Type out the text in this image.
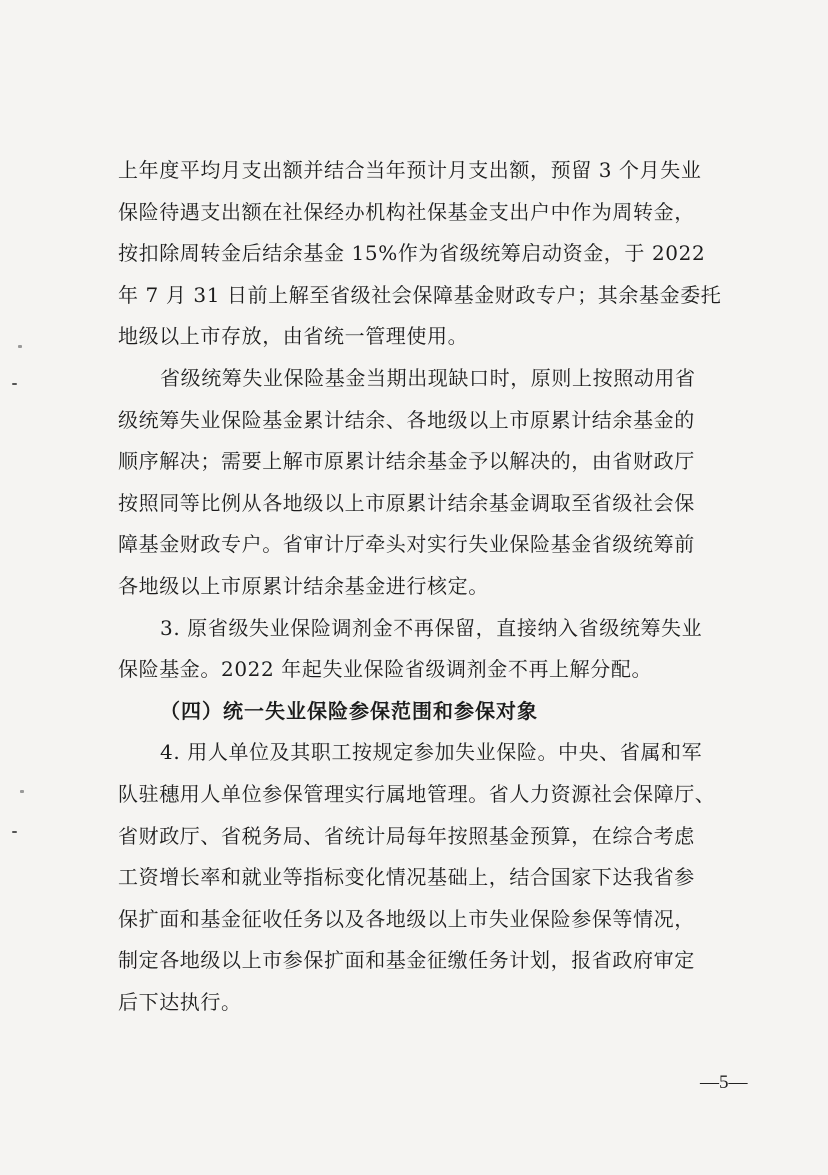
上年度平均月支出额并结合当年预计月支出额，预留 3 个月失业
保险待遇支出额在社保经办机构社保基金支出户中作为周转金，
按扣除周转金后结余基金 15%作为省级统筹启动资金，于 2022
年 7 月 31 日前上解至省级社会保障基金财政专户；其余基金委托
地级以上市存放，由省统一管理使用。
省级统筹失业保险基金当期出现缺口时，原则上按照动用省
级统筹失业保险基金累计结余、各地级以上市原累计结余基金的
顺序解决；需要上解市原累计结余基金予以解决的，由省财政厅
按照同等比例从各地级以上市原累计结余基金调取至省级社会保
障基金财政专户。省审计厅牵头对实行失业保险基金省级统筹前
各地级以上市原累计结余基金进行核定。
3. 原省级失业保险调剂金不再保留，直接纳入省级统筹失业
保险基金。2022 年起失业保险省级调剂金不再上解分配。
（四）统一失业保险参保范围和参保对象
4. 用人单位及其职工按规定参加失业保险。中央、省属和军
队驻穗用人单位参保管理实行属地管理。省人力资源社会保障厅、
省财政厅、省税务局、省统计局每年按照基金预算，在综合考虑
工资增长率和就业等指标变化情况基础上，结合国家下达我省参
保扩面和基金征收任务以及各地级以上市失业保险参保等情况，
制定各地级以上市参保扩面和基金征缴任务计划，报省政府审定
后下达执行。
—5—
